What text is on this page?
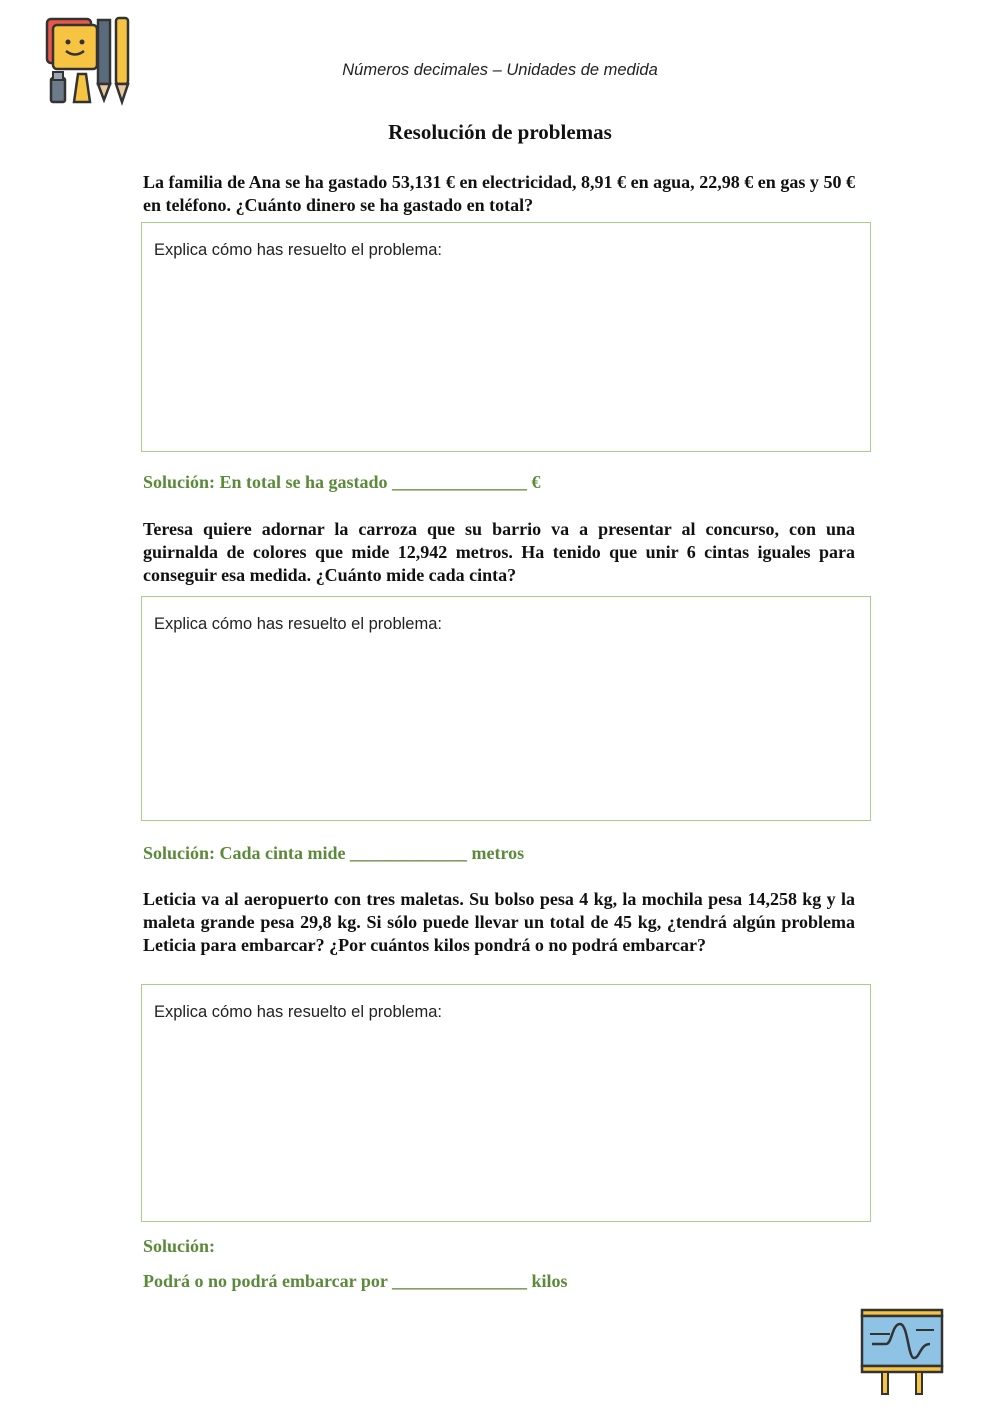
Números decimales – Unidades de medida
Resolución de problemas
La familia de Ana se ha gastado 53,131 € en electricidad, 8,91 € en agua, 22,98 € en gas y 50 € en teléfono. ¿Cuánto dinero se ha gastado en total?
Explica cómo has resuelto el problema:
Solución: En total se ha gastado _______________ €
Teresa quiere adornar la carroza que su barrio va a presentar al concurso, con una guirnalda de colores que mide 12,942 metros. Ha tenido que unir 6 cintas iguales para conseguir esa medida. ¿Cuánto mide cada cinta?
Explica cómo has resuelto el problema:
Solución: Cada cinta mide _____________ metros
Leticia va al aeropuerto con tres maletas. Su bolso pesa 4 kg, la mochila pesa 14,258 kg y la maleta grande pesa 29,8 kg. Si sólo puede llevar un total de 45 kg, ¿tendrá algún problema Leticia para embarcar? ¿Por cuántos kilos pondrá o no podrá embarcar?
Explica cómo has resuelto el problema:
Solución:
Podrá o no podrá embarcar por _______________ kilos
